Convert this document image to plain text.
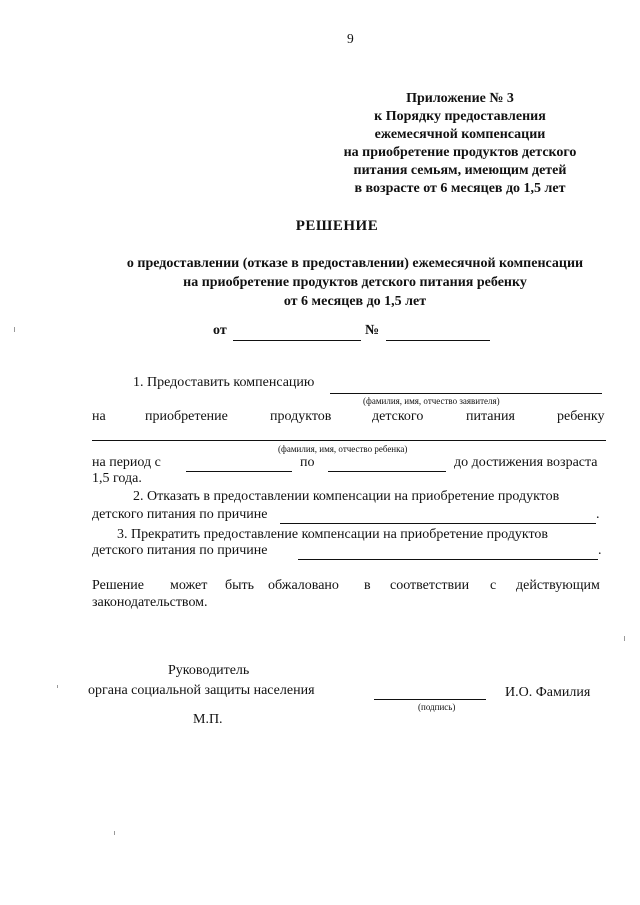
9
Приложение № 3
к Порядку предоставления
ежемесячной компенсации
на приобретение продуктов детского
питания семьям, имеющим детей
в возрасте от 6 месяцев до 1,5 лет
РЕШЕНИЕ
о предоставлении (отказе в предоставлении) ежемесячной компенсации
на приобретение продуктов детского питания ребенку
от 6 месяцев до 1,5 лет
от	№
1. Предоставить компенсацию
(фамилия, имя, отчество заявителя)
на	приобретение	продуктов	детского	питания	ребенку
(фамилия, имя, отчество ребенка)
на период с	по	до достижения возраста
1,5 года.
2. Отказать в предоставлении компенсации на приобретение продуктов
детского питания по причине	.
3. Прекратить предоставление компенсации на приобретение продуктов
детского питания по причине	.
Решение может быть обжаловано в соответствии с действующим
законодательством.
Руководитель
органа социальной защиты населения
(подпись)
И.О. Фамилия
М.П.
